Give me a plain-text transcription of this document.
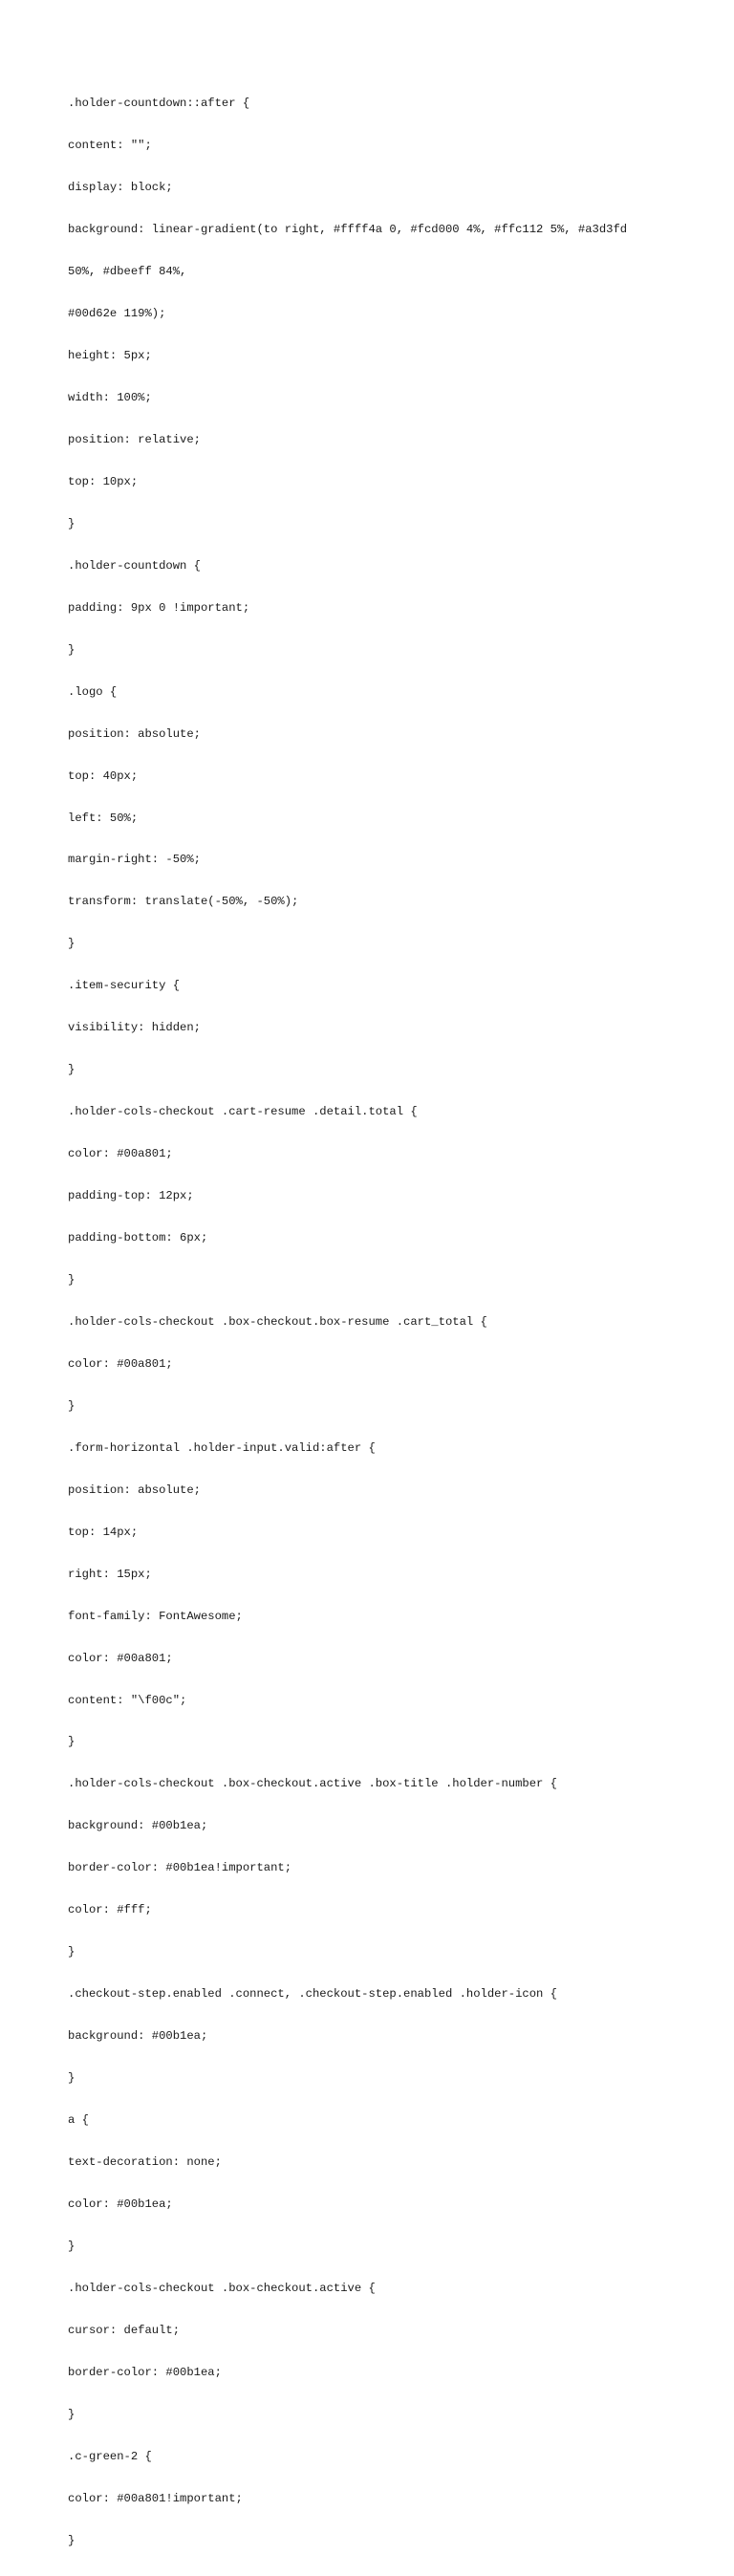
.holder-countdown::after {

content: "";

display: block;

background: linear-gradient(to right, #ffff4a 0, #fcd000 4%, #ffc112 5%, #a3d3fd

50%, #dbeeff 84%,

#00d62e 119%);

height: 5px;

width: 100%;

position: relative;

top: 10px;

}

.holder-countdown {

padding: 9px 0 !important;

}

.logo {

position: absolute;

top: 40px;

left: 50%;

margin-right: -50%;

transform: translate(-50%, -50%);

}

.item-security {

visibility: hidden;

}

.holder-cols-checkout .cart-resume .detail.total {

color: #00a801;

padding-top: 12px;

padding-bottom: 6px;

}

.holder-cols-checkout .box-checkout.box-resume .cart_total {

color: #00a801;

}

.form-horizontal .holder-input.valid:after {

position: absolute;

top: 14px;

right: 15px;

font-family: FontAwesome;

color: #00a801;

content: "\f00c";

}

.holder-cols-checkout .box-checkout.active .box-title .holder-number {

background: #00b1ea;

border-color: #00b1ea!important;

color: #fff;

}

.checkout-step.enabled .connect, .checkout-step.enabled .holder-icon {

background: #00b1ea;

}

a {

text-decoration: none;

color: #00b1ea;

}

.holder-cols-checkout .box-checkout.active {

cursor: default;

border-color: #00b1ea;

}

.c-green-2 {

color: #00a801!important;

}
